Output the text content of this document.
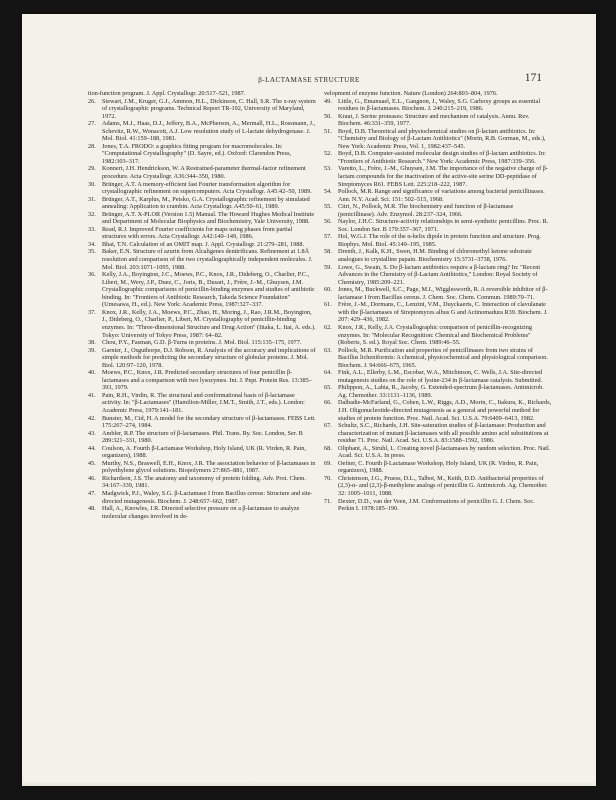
β-LACTAMASE STRUCTURE	171

tion-function program. J. Appl. Crystallogr. 20:517–521, 1987.

26. Stewart, J.M., Kruger, G.J., Ammon, H.L., Dickinson, C. Hall, S.R. The x-ray system of crystallographic programs. Technical Report TR-192, University of Maryland, 1972.

27. Adams, M.J., Haas, D.J., Jeffery, B.A., McPherson, A., Mermall, H.L., Rossmann, J., Schevitz, R.W., Wonacott, A.J. Low resolution study of L-lactate dehydrogenase. J. Mol. Biol. 41:159–188, 1981.

28. Jones, T.A. FRODO: a graphics fitting program for macromolecules. In: "Computational Crystallography" (D. Sayre, ed.). Oxford: Clarendon Press, 1982:303–317.

29. Konnert, J.H. Hendrickson, W. A Restrained-parameter thermal-factor refinement procedure. Acta Crystallogr. A36:344–350, 1980.

30. Brünger, A.T. A memory-efficient fast Fourier transformation algorithm for crystallographic refinement on supercomputers. Acta Crystallogr. A45:42–50, 1989.

31. Brünger, A.T., Karplus, M., Petsko, G.A. Crystallographic refinement by simulated annealing: Application to crambin. Acta Crystallogr. A45:50–61, 1989.

32. Brünger, A.T. X-PLOR (Version 1.5) Manual. The Howard Hughes Medical Institute and Department of Molecular Biophysics and Biochemistry, Yale University, 1988.

33. Read, R.J. Improved Fourier coefficients for maps using phases from partial structures with errors. Acta Crystallogr. A42:140–149, 1986.

34. Bhat, T.N. Calculation of an OMIT map. J. Appl. Crystallogr. 21:279–281, 1988.

35. Baker, E.N. Structure of azurin from Alcaligenes denitrificans. Refinement at 1.8Å resolution and comparison of the two crystallographically independent molecules. J. Mol. Biol. 203:1071–1095, 1988.

36. Kelly, J.A., Boyington, J.C., Moews, P.C., Knox, J.R., Dideberg, O., Charlier, P.C., Libert, M., Wery, J.P., Duez, C., Joris, B., Dusart, J., Frère, J.-M., Ghuysen, J.M. Crystallographic comparisons of penicillin-binding enzymes and studies of antibiotic binding. In: "Frontiers of Antibiotic Research, Takeda Science Foundation" (Umesawa, H., ed.). New York: Academic Press, 1987:327–337.

37. Knox, J.R., Kelly, J.A., Moews, P.C., Zhao, H., Moring, J., Rao, J.R.M., Boyington, J., Dideberg, O., Charlier, P., Libert, M. Crystallography of penicillin-binding enzymes. In: "Three-dimensional Structure and Drug Action" (Iitaka, L. Itai, A. eds.). Tokyo: University of Tokyo Press, 1987: 64–82.

38. Chou, P.Y., Fasman, G.D. β-Turns in proteins. J. Mol. Biol. 115:135–175, 1977.

39. Garnier, J., Osguthorpe, D.J. Robson, R. Analysis of the accuracy and implications of simple methods for predicting the secondary structure of globular proteins. J. Mol. Biol. 120:97–120, 1978.

40. Moews, P.C., Knox, J.R. Predicted secondary structures of four penicillin β-lactamases and a comparison with two lysozymes. Int. J. Pept. Protein Res. 13:385–393, 1979.

41. Pain, R.H., Virdin, R. The structural and conformational basis of β-lactamase activity. In: "β-Lactamases" (Hamilton-Miller, J.M.T., Smith, J.T., eds.). London: Academic Press, 1979:141–181.

42. Bunster, M., Cid, H. A model for the secondary structure of β-lactamases. FEBS Lett. 175:267–274, 1984.

43. Ambler, R.P. The structure of β-lactamases. Phil. Trans. Ry. Soc. London, Ser. B 289:321–331, 1980.

44. Coulson, A. Fourth β-Lactamase Workshop, Holy Island, UK (R. Virden, R. Pain, organizers), 1988.

45. Murthy, N.S., Braswell, E.H., Knox, J.R. The association behavior of β-lactamases in polyethylene glycol solutions. Biopolymers 27:865–881, 1987.

46. Richardson, J.S. The anatomy and taxonomy of protein folding. Adv. Prot. Chem. 34:167–339, 1981.

47. Madgwick, P.J., Waley, S.G. β-Lactamase I from Bacillus cereus: Structure and site-directed mutagenesis. Biochem. J. 248:657–662, 1987.

48. Hall, A., Knowles, J.R. Directed selective pressure on a β-lactamase to analyze molecular changes involved in de-

velopment of enzyme function. Nature (London) 264:803–804, 1976.

49. Little, G., Emanuael, E.L., Gangnon, J., Waley, S.G. Carboxy groups as essential residues in β-lactamases. Biochem. J. 240:215–219, 1986.

50. Kraut, J. Serine proteases: Structure and mechanism of catalysis. Annu. Rev. Biochem. 46:331–359, 1977.

51. Boyd, D.B. Theoretical and physiochemical studies on β-lactam antibiotics. In: "Chemistry and Biology of β-Lactam Antibiotics" (Morin, R.B. Gorman, M., eds.), New York: Academic Press, Vol. 1, 1982:437–545.

52. Boyd, D.B. Computer-assisted molecular design studies of β-lactam antibiotics. In: "Frontiers of Antibiotic Research." New York: Academic Press, 1987:339–356.

53. Varetto, L., Frère, J.-M., Ghuysen, J.M. The importance of the negative charge of β-lactam compounds for the inactivation of the active-site serine DD-peptidase of Streptomyces R61. FEBS Lett. 225:218–222, 1987.

54. Pollock, M.R. Range and significance of variations among bacterial penicillinases. Ann. N.Y. Acad. Sci. 151: 502–515, 1968.

55. Citri, N., Pollock, M.R. The biochemistry and function of β-lactamase (penicillinase). Adv. Enzymol. 28:237–324, 1966.

56. Naylor, J.H.C. Structure-activity relationships in semi-synthetic penicillins. Proc. R. Soc. London Ser. B 179:357–367, 1971.

57. Hol, W.G.J. The role of the α-helix dipole in protein function and structure. Prog. Biophys. Mol. Biol. 45:149–195, 1985.

58. Drenth, J., Kalk, K.H., Swen, H.M. Binding of chloromethyl ketone substrate analogues to crystalline papain. Biochemistry 15:3731–3738, 1976.

59. Lowe, G., Swain, S. Do β-lactam antibiotics require a β-lactam ring? In: "Recent Advances in the Chemistry of β-Lactam Antibiotics," London: Royal Society of Chemistry, 1985:209–221.

60. Jones, M., Buckwell, S.C., Page, M.I., Wigglesworth, R. A reversible inhibitor of β-lactamase I from Bacillus cereus. J. Chem. Soc. Chem. Commun. 1989:70–71.

61. Frère, J.-M., Dormans, C., Lenzini, V.M., Duyckaerts, C. Interaction of clavulanate with the β-lactamases of Streptomyces albus G and Actinomadura R39. Biochem. J. 207: 429–436, 1982.

62. Knox, J.R., Kelly, J.A. Crystallographic comparison of penicillin-recognizing enzymes. In: "Molecular Recognition: Chemical and Biochemical Problems" (Roberts, S. ed.). Royal Soc. Chem. 1989:46–55.

63. Pollock, M.R. Purification and properties of penicillinases from two strains of Bacillus licheniformis: A chemical, physicochemical and physiological comparison. Biochem. J. 94:666–675, 1965.

64. Fink, A.L., Ellerby, L.M., Escobar, W.A., Mitchinson, C. Wells, J.A. Site-directed mutagenesis studies on the role of lysine-234 in β-lactamase catalysis. Submitted.

65. Philippon, A., Labia, R., Jacoby, G. Extended-spectrum β-lactamases. Antimicrob. Ag. Chemother. 33:1131–1136, 1989.

66. Dalbadie-McFarland, G., Cohen, L.W., Riggs, A.D., Morin, C., Itakura, K., Richards, J.H. Oligonucleotide-directed mutagenesis as a general and powerful method for studies of protein function. Proc. Natl. Acad. Sci. U.S.A. 79:6409–6413, 1982.

67. Schultz, S.C., Richards, J.H. Site-saturation studies of β-lactamase: Production and characterization of mutant β-lactamases with all possible amino acid substitutions at residue 71. Proc. Natl. Acad. Sci. U.S.A. 83:1588–1592, 1986.

68. Oliphant, A., Struhl, L. Creating novel β-lactamases by random selection. Proc. Natl. Acad. Sci. U.S.A. In press.

69. Oefner, C. Fourth β-Lactamase Workshop, Holy Island, UK (R. Virden, R. Pain, organizers), 1988.

70. Christenson, J.G., Pruess, D.L., Talbot, M., Keith, D.D. Antibacterial properties of (2,3)-α- and (2,3)-β-methylene analogs of penicillin G. Antimicrob. Ag. Chemother. 32: 1005–1011, 1988.

71. Dexter, D.D., van der Veen, J.M. Conformations of penicillin G. J. Chem. Soc. Perkin I. 1978:185–190.
